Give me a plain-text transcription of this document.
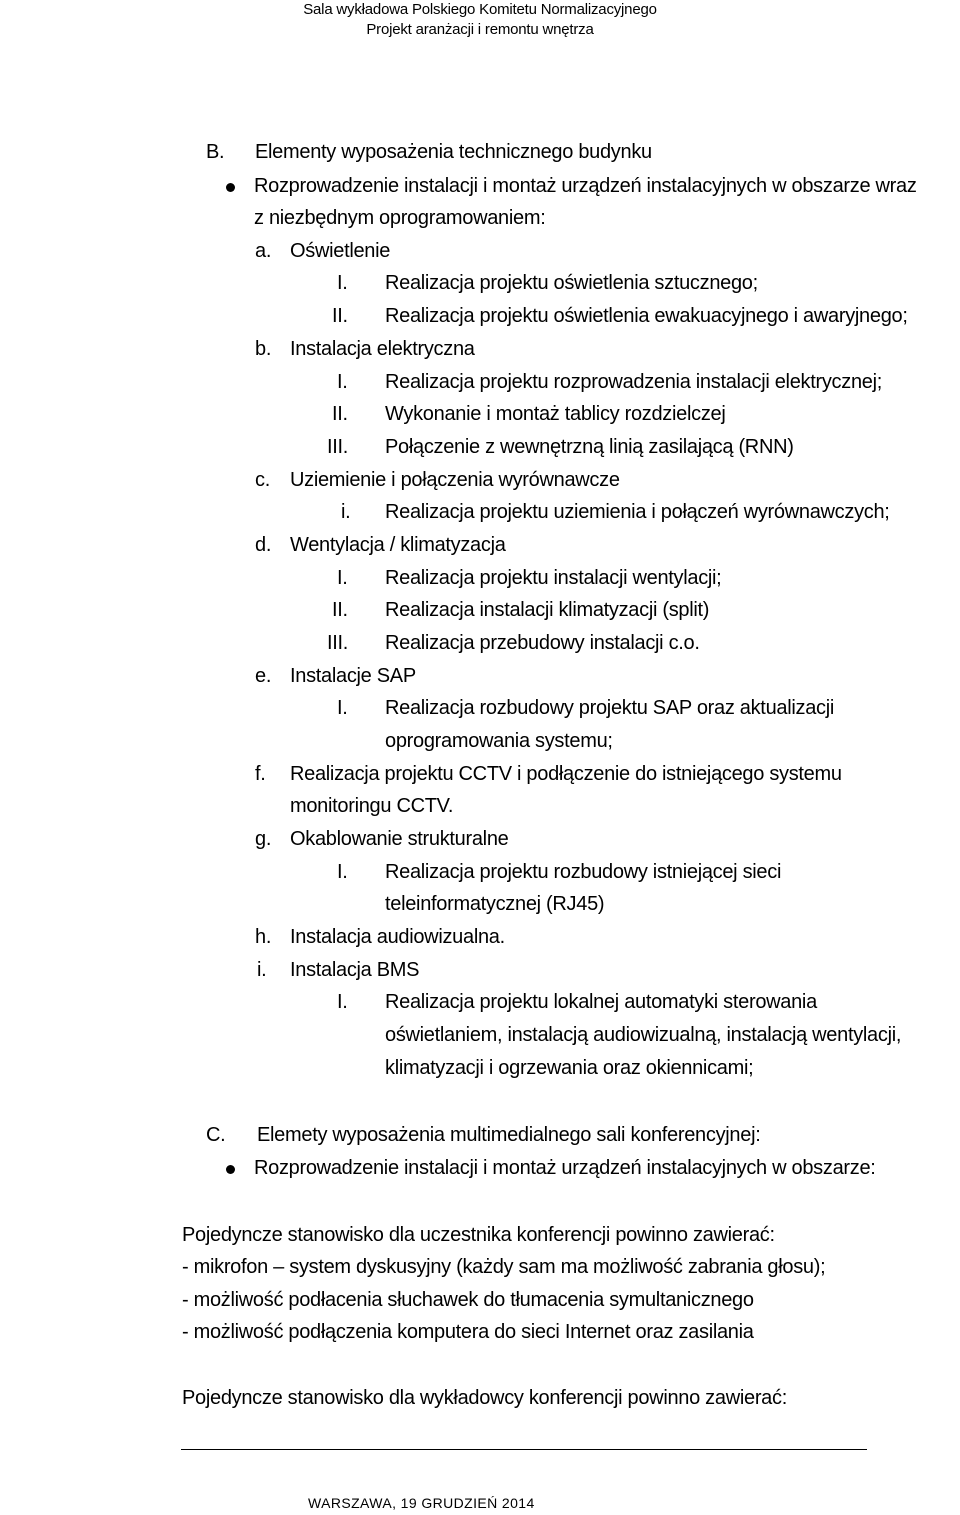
Sala wykładowa Polskiego Komitetu Normalizacyjnego
Projekt aranżacji i remontu wnętrza
B. Elementy wyposażenia technicznego budynku
Rozprowadzenie instalacji i montaż urządzeń instalacyjnych w obszarze wraz
z niezbędnym oprogramowaniem:
a. Oświetlenie
I. Realizacja projektu oświetlenia sztucznego;
II. Realizacja projektu oświetlenia ewakuacyjnego i awaryjnego;
b. Instalacja elektryczna
I. Realizacja projektu rozprowadzenia instalacji elektrycznej;
II. Wykonanie i montaż tablicy rozdzielczej
III. Połączenie z wewnętrzną linią zasilającą (RNN)
c. Uziemienie i połączenia wyrównawcze
i. Realizacja projektu uziemienia i połączeń wyrównawczych;
d. Wentylacja / klimatyzacja
I. Realizacja projektu instalacji wentylacji;
II. Realizacja instalacji klimatyzacji (split)
III. Realizacja przebudowy instalacji c.o.
e. Instalacje SAP
I. Realizacja rozbudowy projektu SAP oraz aktualizacji
oprogramowania systemu;
f. Realizacja projektu CCTV i podłączenie do istniejącego systemu
monitoringu CCTV.
g. Okablowanie strukturalne
I. Realizacja projektu rozbudowy istniejącej sieci
teleinformatycznej (RJ45)
h. Instalacja audiowizualna.
i. Instalacja BMS
I. Realizacja projektu lokalnej automatyki sterowania
oświetlaniem, instalacją audiowizualną, instalacją wentylacji,
klimatyzacji i ogrzewania oraz okiennicami;
C. Elemety wyposażenia multimedialnego sali konferencyjnej:
Rozprowadzenie instalacji i montaż urządzeń instalacyjnych w obszarze:
Pojedyncze stanowisko dla uczestnika konferencji powinno zawierać:
- mikrofon – system dyskusyjny (każdy sam ma możliwość zabrania głosu);
- możliwość podłacenia słuchawek do tłumacenia symultanicznego
- możliwość podłączenia komputera do sieci Internet oraz zasilania
Pojedyncze stanowisko dla wykładowcy konferencji powinno zawierać:
WARSZAWA, 19 GRUDZIEŃ 2014
